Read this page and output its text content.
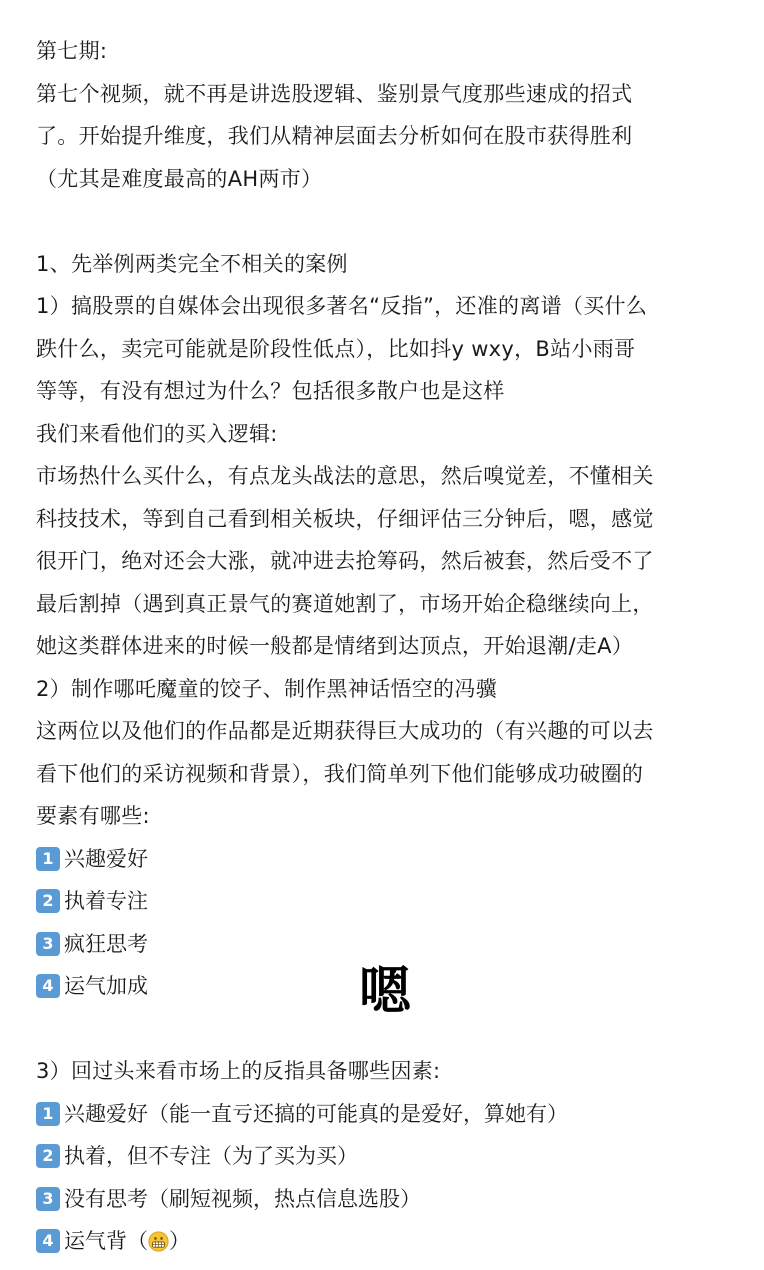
第七期:
第七个视频，就不再是讲选股逻辑、鉴别景气度那些速成的招式
了。开始提升维度，我们从精神层面去分析如何在股市获得胜利
（尤其是难度最高的AH两市）
1、先举例两类完全不相关的案例
1）搞股票的自媒体会出现很多著名“反指”，还准的离谱（买什么
跌什么，卖完可能就是阶段性低点），比如抖y wxy，B站小雨哥
等等，有没有想过为什么？包括很多散户也是这样
我们来看他们的买入逻辑:
市场热什么买什么，有点龙头战法的意思，然后嗅觉差，不懂相关
科技技术，等到自己看到相关板块，仔细评估三分钟后，嗯，感觉
很开门，绝对还会大涨，就冲进去抢筹码，然后被套，然后受不了
最后割掉（遇到真正景气的赛道她割了，市场开始企稳继续向上，
她这类群体进来的时候一般都是情绪到达顶点，开始退潮/走A）
2）制作哪吒魔童的饺子、制作黑神话悟空的冯骥
这两位以及他们的作品都是近期获得巨大成功的（有兴趣的可以去
看下他们的采访视频和背景），我们简单列下他们能够成功破圈的
要素有哪些:
1 兴趣爱好
2 执着专注
3 疯狂思考
4 运气加成
3）回过头来看市场上的反指具备哪些因素:
1 兴趣爱好（能一直亏还搞的可能真的是爱好，算她有）
2 执着，但不专注（为了买为买）
3 没有思考（刷短视频，热点信息选股）
4 运气背（ ）
嗯
